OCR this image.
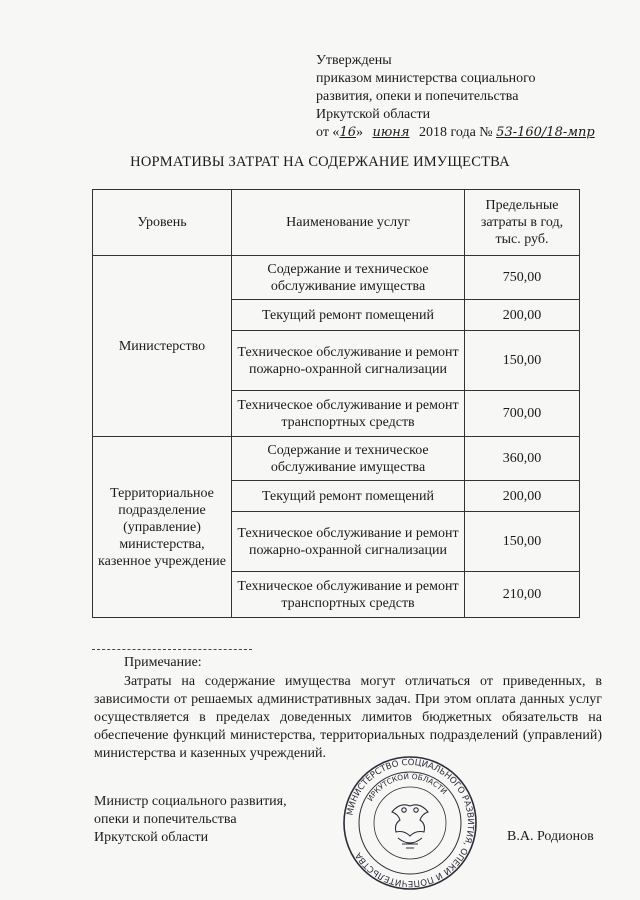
Утверждены
приказом министерства социального
развития, опеки и попечительства
Иркутской области
от «16» июня 2018 года № 53-160/18-мпр
НОРМАТИВЫ ЗАТРАТ НА СОДЕРЖАНИЕ ИМУЩЕСТВА
Уровень	Наименование услуг	Предельные затраты в год, тыс. руб.
Министерство	Содержание и техническое обслуживание имущества	750,00
	Текущий ремонт помещений	200,00
	Техническое обслуживание и ремонт пожарно-охранной сигнализации	150,00
	Техническое обслуживание и ремонт транспортных средств	700,00
Территориальное подразделение (управление) министерства, казенное учреждение	Содержание и техническое обслуживание имущества	360,00
	Текущий ремонт помещений	200,00
	Техническое обслуживание и ремонт пожарно-охранной сигнализации	150,00
	Техническое обслуживание и ремонт транспортных средств	210,00
Примечание:
Затраты на содержание имущества могут отличаться от приведенных, в зависимости от решаемых административных задач. При этом оплата данных услуг осуществляется в пределах доведенных лимитов бюджетных обязательств на обеспечение функций министерства, территориальных подразделений (управлений) министерства и казенных учреждений.
Министр социального развития,
опеки и попечительства
Иркутской области
МИНИСТЕРСТВО СОЦИАЛЬНОГО РАЗВИТИЯ, ОПЕКИ И ПОПЕЧИТЕЛЬСТВА
ИРКУТСКОЙ ОБЛАСТИ
В.А. Родионов
